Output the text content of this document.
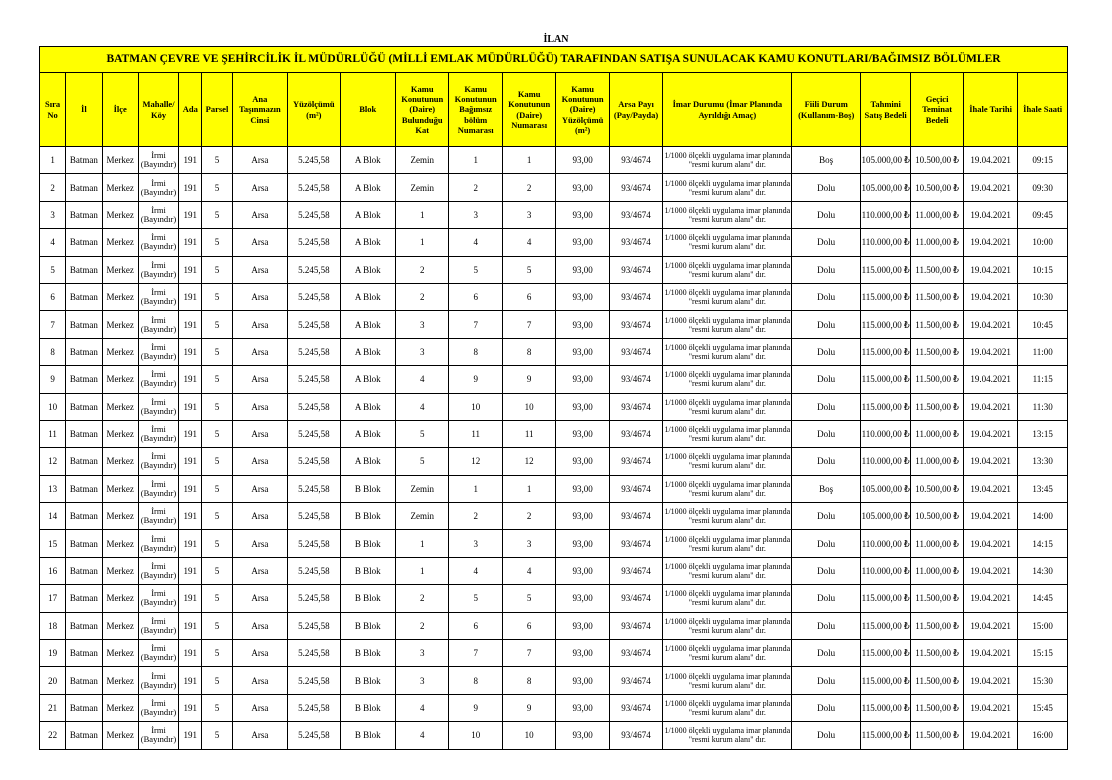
İLAN
BATMAN ÇEVRE VE ŞEHİRCİLİK İL MÜDÜRLÜĞÜ (MİLLİ EMLAK MÜDÜRLÜĞÜ) TARAFINDAN SATIŞA SUNULACAK KAMU KONUTLARI/BAĞIMSIZ BÖLÜMLER																			
Sıra No	İl	İlçe	Mahalle/ Köy	Ada	Parsel	Ana Taşınmazın Cinsi	Yüzölçümü (m²)	Blok	Kamu Konutunun (Daire) Bulunduğu Kat	Kamu Konutunun Bağımsız bölüm Numarası	Kamu Konutunun (Daire) Numarası	Kamu Konutunun (Daire) Yüzölçümü (m²)	Arsa Payı (Pay/Payda)	İmar Durumu (İmar Planında Ayrıldığı Amaç)	Fiili Durum (Kullanım-Boş)	Tahmini Satış Bedeli	Geçici Teminat Bedeli	İhale Tarihi	İhale Saati
1	Batman	Merkez	İrmi (Bayındır)	191	5	Arsa	5.245,58	A Blok	Zemin	1	1	93,00	93/4674	1/1000 ölçekli uygulama imar planında "resmi kurum alanı" dır.	Boş	105.000,00 ₺	10.500,00 ₺	19.04.2021	09:15
2	Batman	Merkez	İrmi (Bayındır)	191	5	Arsa	5.245,58	A Blok	Zemin	2	2	93,00	93/4674	1/1000 ölçekli uygulama imar planında "resmi kurum alanı" dır.	Dolu	105.000,00 ₺	10.500,00 ₺	19.04.2021	09:30
3	Batman	Merkez	İrmi (Bayındır)	191	5	Arsa	5.245,58	A Blok	1	3	3	93,00	93/4674	1/1000 ölçekli uygulama imar planında "resmi kurum alanı" dır.	Dolu	110.000,00 ₺	11.000,00 ₺	19.04.2021	09:45
4	Batman	Merkez	İrmi (Bayındır)	191	5	Arsa	5.245,58	A Blok	1	4	4	93,00	93/4674	1/1000 ölçekli uygulama imar planında "resmi kurum alanı" dır.	Dolu	110.000,00 ₺	11.000,00 ₺	19.04.2021	10:00
5	Batman	Merkez	İrmi (Bayındır)	191	5	Arsa	5.245,58	A Blok	2	5	5	93,00	93/4674	1/1000 ölçekli uygulama imar planında "resmi kurum alanı" dır.	Dolu	115.000,00 ₺	11.500,00 ₺	19.04.2021	10:15
6	Batman	Merkez	İrmi (Bayındır)	191	5	Arsa	5.245,58	A Blok	2	6	6	93,00	93/4674	1/1000 ölçekli uygulama imar planında "resmi kurum alanı" dır.	Dolu	115.000,00 ₺	11.500,00 ₺	19.04.2021	10:30
7	Batman	Merkez	İrmi (Bayındır)	191	5	Arsa	5.245,58	A Blok	3	7	7	93,00	93/4674	1/1000 ölçekli uygulama imar planında "resmi kurum alanı" dır.	Dolu	115.000,00 ₺	11.500,00 ₺	19.04.2021	10:45
8	Batman	Merkez	İrmi (Bayındır)	191	5	Arsa	5.245,58	A Blok	3	8	8	93,00	93/4674	1/1000 ölçekli uygulama imar planında "resmi kurum alanı" dır.	Dolu	115.000,00 ₺	11.500,00 ₺	19.04.2021	11:00
9	Batman	Merkez	İrmi (Bayındır)	191	5	Arsa	5.245,58	A Blok	4	9	9	93,00	93/4674	1/1000 ölçekli uygulama imar planında "resmi kurum alanı" dır.	Dolu	115.000,00 ₺	11.500,00 ₺	19.04.2021	11:15
10	Batman	Merkez	İrmi (Bayındır)	191	5	Arsa	5.245,58	A Blok	4	10	10	93,00	93/4674	1/1000 ölçekli uygulama imar planında "resmi kurum alanı" dır.	Dolu	115.000,00 ₺	11.500,00 ₺	19.04.2021	11:30
11	Batman	Merkez	İrmi (Bayındır)	191	5	Arsa	5.245,58	A Blok	5	11	11	93,00	93/4674	1/1000 ölçekli uygulama imar planında "resmi kurum alanı" dır.	Dolu	110.000,00 ₺	11.000,00 ₺	19.04.2021	13:15
12	Batman	Merkez	İrmi (Bayındır)	191	5	Arsa	5.245,58	A Blok	5	12	12	93,00	93/4674	1/1000 ölçekli uygulama imar planında "resmi kurum alanı" dır.	Dolu	110.000,00 ₺	11.000,00 ₺	19.04.2021	13:30
13	Batman	Merkez	İrmi (Bayındır)	191	5	Arsa	5.245,58	B Blok	Zemin	1	1	93,00	93/4674	1/1000 ölçekli uygulama imar planında "resmi kurum alanı" dır.	Boş	105.000,00 ₺	10.500,00 ₺	19.04.2021	13:45
14	Batman	Merkez	İrmi (Bayındır)	191	5	Arsa	5.245,58	B Blok	Zemin	2	2	93,00	93/4674	1/1000 ölçekli uygulama imar planında "resmi kurum alanı" dır.	Dolu	105.000,00 ₺	10.500,00 ₺	19.04.2021	14:00
15	Batman	Merkez	İrmi (Bayındır)	191	5	Arsa	5.245,58	B Blok	1	3	3	93,00	93/4674	1/1000 ölçekli uygulama imar planında "resmi kurum alanı" dır.	Dolu	110.000,00 ₺	11.000,00 ₺	19.04.2021	14:15
16	Batman	Merkez	İrmi (Bayındır)	191	5	Arsa	5.245,58	B Blok	1	4	4	93,00	93/4674	1/1000 ölçekli uygulama imar planında "resmi kurum alanı" dır.	Dolu	110.000,00 ₺	11.000,00 ₺	19.04.2021	14:30
17	Batman	Merkez	İrmi (Bayındır)	191	5	Arsa	5.245,58	B Blok	2	5	5	93,00	93/4674	1/1000 ölçekli uygulama imar planında "resmi kurum alanı" dır.	Dolu	115.000,00 ₺	11.500,00 ₺	19.04.2021	14:45
18	Batman	Merkez	İrmi (Bayındır)	191	5	Arsa	5.245,58	B Blok	2	6	6	93,00	93/4674	1/1000 ölçekli uygulama imar planında "resmi kurum alanı" dır.	Dolu	115.000,00 ₺	11.500,00 ₺	19.04.2021	15:00
19	Batman	Merkez	İrmi (Bayındır)	191	5	Arsa	5.245,58	B Blok	3	7	7	93,00	93/4674	1/1000 ölçekli uygulama imar planında "resmi kurum alanı" dır.	Dolu	115.000,00 ₺	11.500,00 ₺	19.04.2021	15:15
20	Batman	Merkez	İrmi (Bayındır)	191	5	Arsa	5.245,58	B Blok	3	8	8	93,00	93/4674	1/1000 ölçekli uygulama imar planında "resmi kurum alanı" dır.	Dolu	115.000,00 ₺	11.500,00 ₺	19.04.2021	15:30
21	Batman	Merkez	İrmi (Bayındır)	191	5	Arsa	5.245,58	B Blok	4	9	9	93,00	93/4674	1/1000 ölçekli uygulama imar planında "resmi kurum alanı" dır.	Dolu	115.000,00 ₺	11.500,00 ₺	19.04.2021	15:45
22	Batman	Merkez	İrmi (Bayındır)	191	5	Arsa	5.245,58	B Blok	4	10	10	93,00	93/4674	1/1000 ölçekli uygulama imar planında "resmi kurum alanı" dır.	Dolu	115.000,00 ₺	11.500,00 ₺	19.04.2021	16:00
